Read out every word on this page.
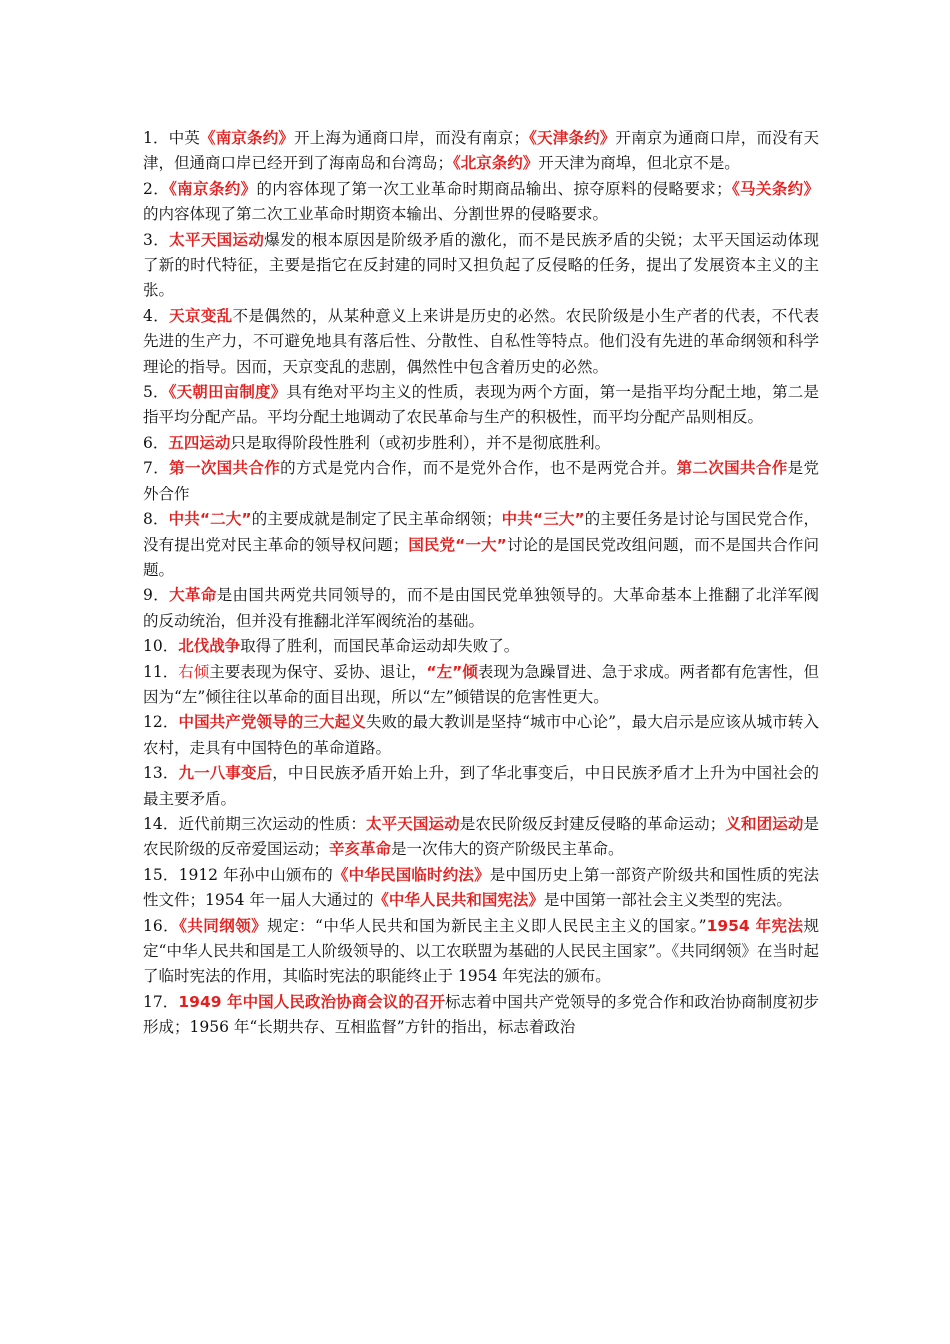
1．中英《南京条约》开上海为通商口岸，而没有南京；《天津条约》开南京为通商口岸，而没有天津，但通商口岸已经开到了海南岛和台湾岛；《北京条约》开天津为商埠，但北京不是。

2．《南京条约》的内容体现了第一次工业革命时期商品输出、掠夺原料的侵略要求；《马关条约》的内容体现了第二次工业革命时期资本输出、分割世界的侵略要求。

3．太平天国运动爆发的根本原因是阶级矛盾的激化，而不是民族矛盾的尖锐；太平天国运动体现了新的时代特征，主要是指它在反封建的同时又担负起了反侵略的任务，提出了发展资本主义的主张。

4．天京变乱不是偶然的，从某种意义上来讲是历史的必然。农民阶级是小生产者的代表，不代表先进的生产力，不可避免地具有落后性、分散性、自私性等特点。他们没有先进的革命纲领和科学理论的指导。因而，天京变乱的悲剧，偶然性中包含着历史的必然。

5．《天朝田亩制度》具有绝对平均主义的性质，表现为两个方面，第一是指平均分配土地，第二是指平均分配产品。平均分配土地调动了农民革命与生产的积极性，而平均分配产品则相反。

6．五四运动只是取得阶段性胜利（或初步胜利），并不是彻底胜利。

7．第一次国共合作的方式是党内合作，而不是党外合作，也不是两党合并。第二次国共合作是党外合作

8．中共“二大”的主要成就是制定了民主革命纲领；中共“三大”的主要任务是讨论与国民党合作，没有提出党对民主革命的领导权问题；国民党“一大”讨论的是国民党改组问题，而不是国共合作问题。

9．大革命是由国共两党共同领导的，而不是由国民党单独领导的。大革命基本上推翻了北洋军阀的反动统治，但并没有推翻北洋军阀统治的基础。

10．北伐战争取得了胜利，而国民革命运动却失败了。

11．右倾主要表现为保守、妥协、退让，“左”倾表现为急躁冒进、急于求成。两者都有危害性，但因为“左”倾往往以革命的面目出现，所以“左”倾错误的危害性更大。

12．中国共产党领导的三大起义失败的最大教训是坚持“城市中心论”，最大启示是应该从城市转入农村，走具有中国特色的革命道路。

13．九一八事变后，中日民族矛盾开始上升，到了华北事变后，中日民族矛盾才上升为中国社会的最主要矛盾。

14．近代前期三次运动的性质：太平天国运动是农民阶级反封建反侵略的革命运动；义和团运动是农民阶级的反帝爱国运动；辛亥革命是一次伟大的资产阶级民主革命。

15．1912 年孙中山颁布的《中华民国临时约法》是中国历史上第一部资产阶级共和国性质的宪法性文件；1954 年一届人大通过的《中华人民共和国宪法》是中国第一部社会主义类型的宪法。

16．《共同纲领》规定：“中华人民共和国为新民主主义即人民民主主义的国家。”1954 年宪法规定“中华人民共和国是工人阶级领导的、以工农联盟为基础的人民民主国家”。《共同纲领》在当时起了临时宪法的作用，其临时宪法的职能终止于 1954 年宪法的颁布。

17．1949 年中国人民政治协商会议的召开标志着中国共产党领导的多党合作和政治协商制度初步形成；1956 年“长期共存、互相监督”方针的指出，标志着政治
